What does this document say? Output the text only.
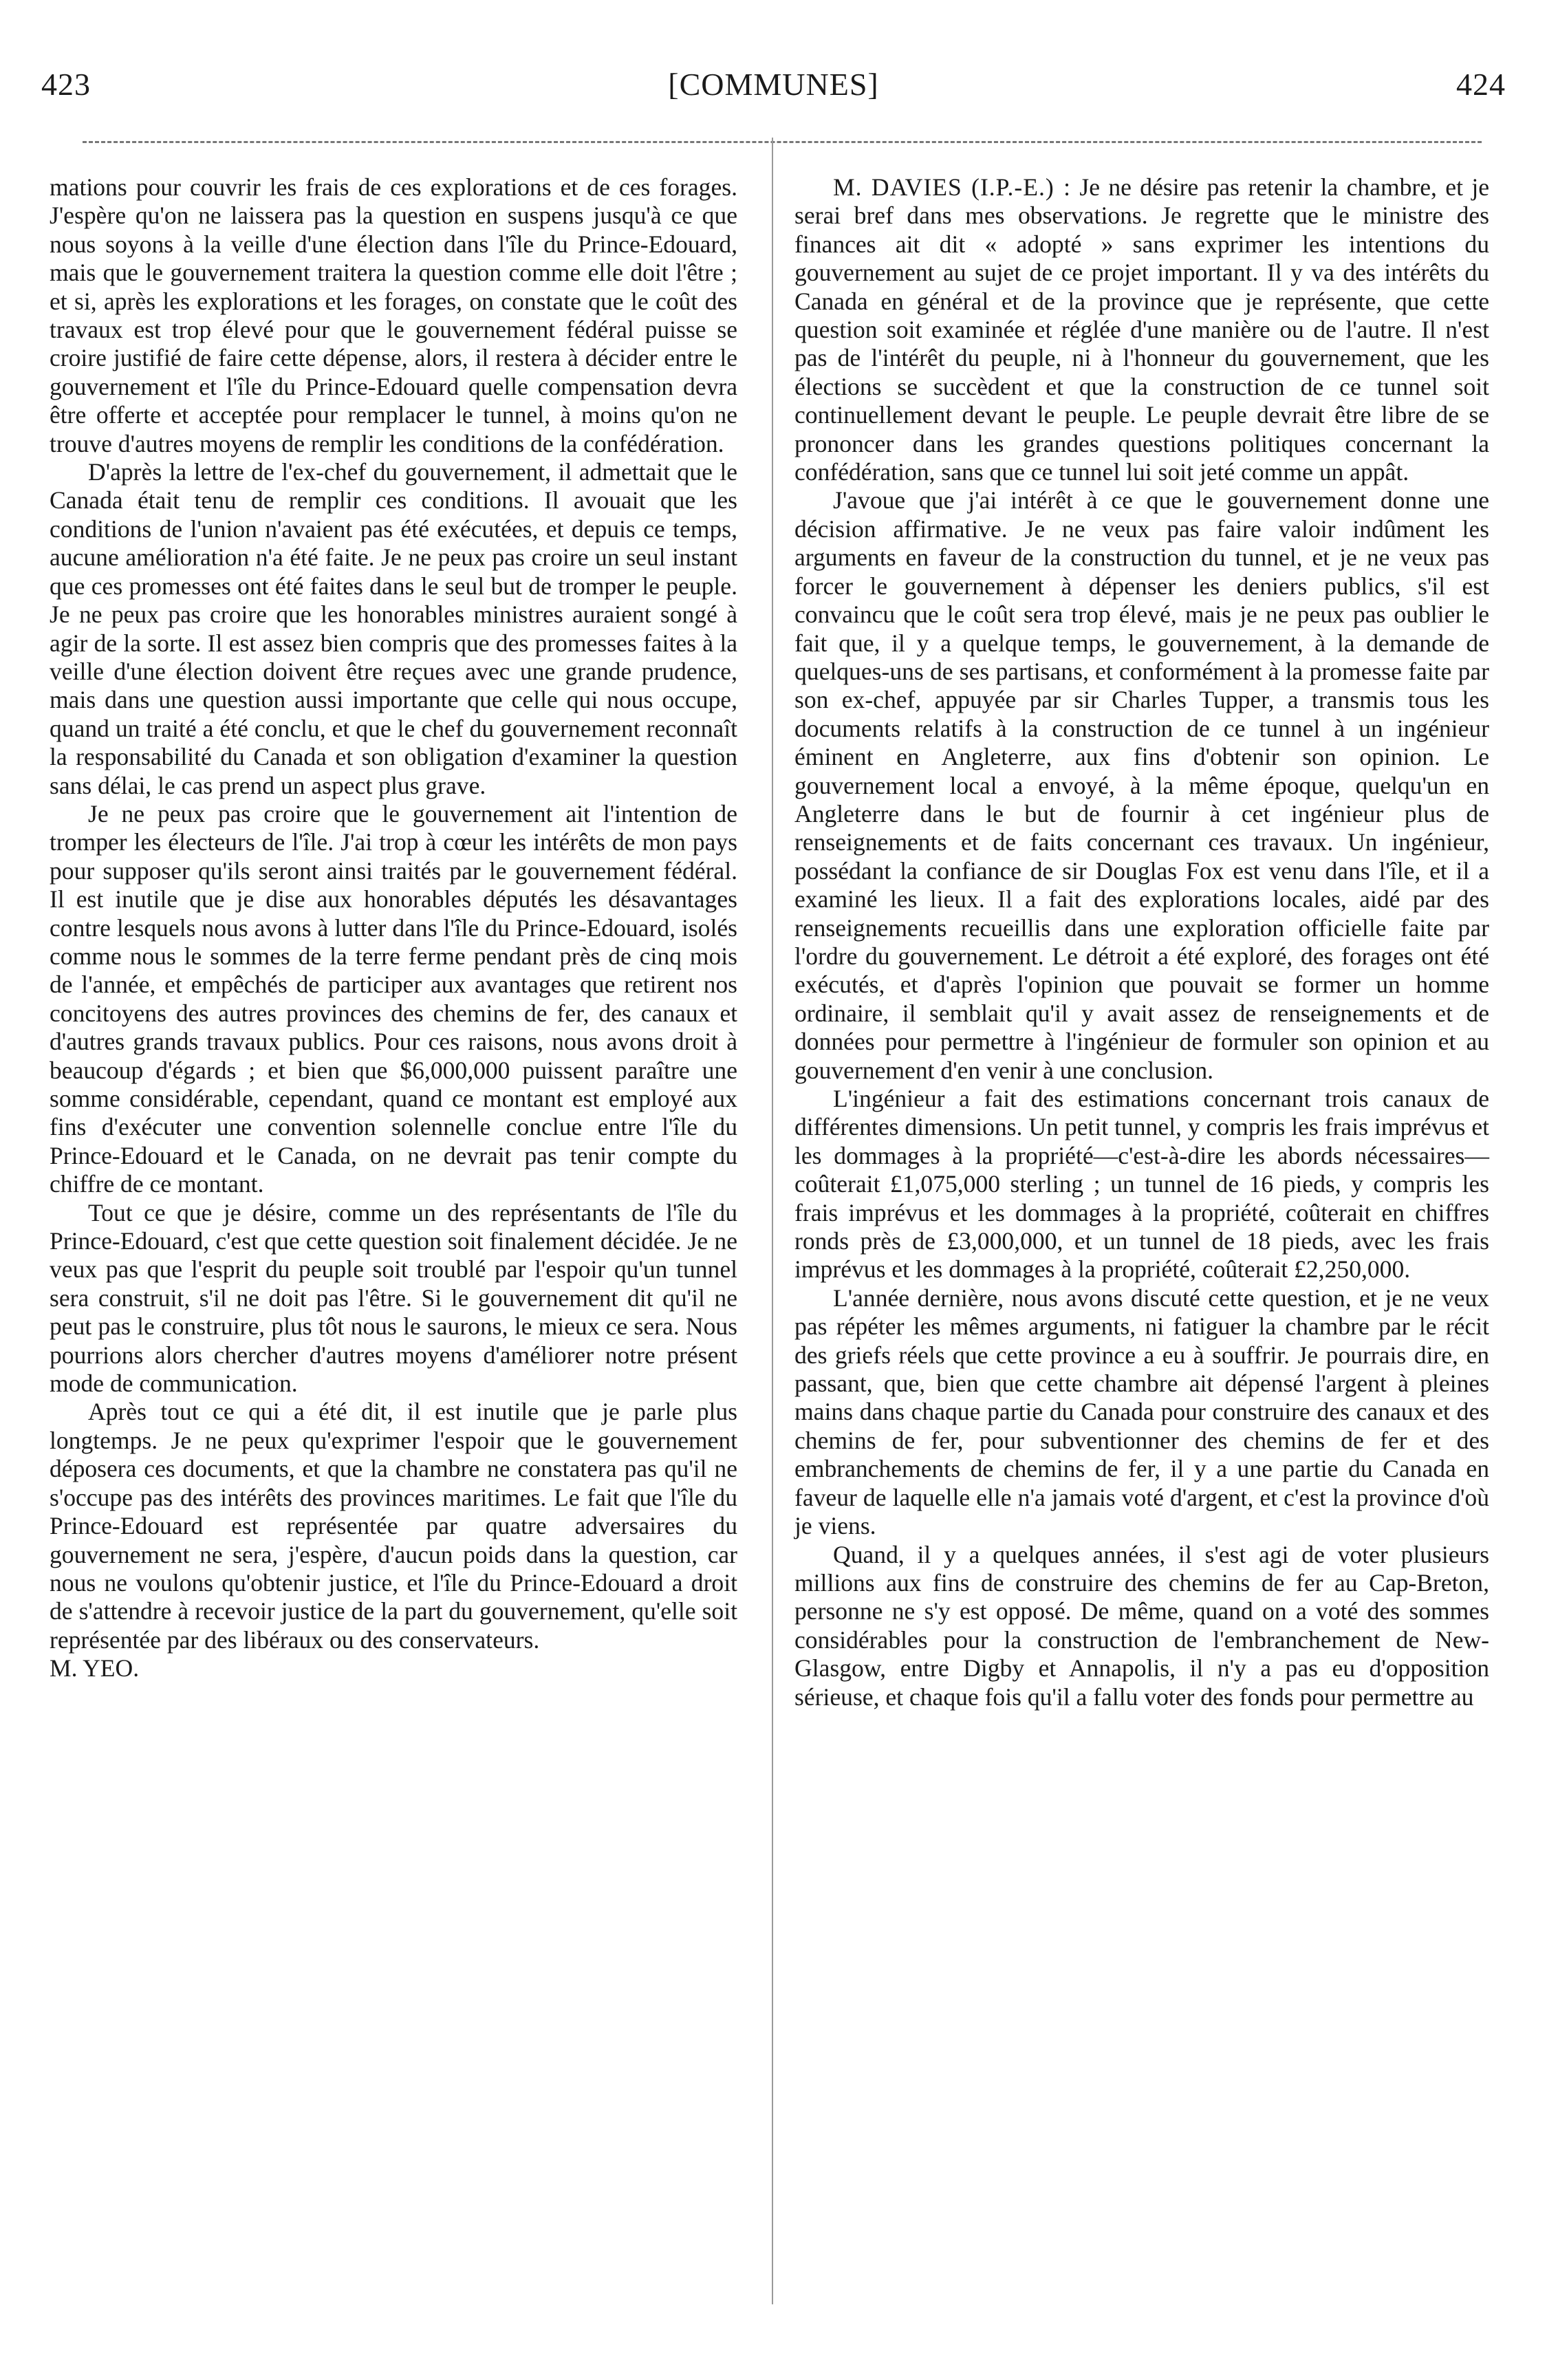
423	[COMMUNES]	424

mations pour couvrir les frais de ces explorations et de ces forages. J'espère qu'on ne laissera pas la question en suspens jusqu'à ce que nous soyons à la veille d'une élection dans l'île du Prince-Edouard, mais que le gouvernement traitera la question comme elle doit l'être ; et si, après les explorations et les forages, on constate que le coût des travaux est trop élevé pour que le gouvernement fédéral puisse se croire justifié de faire cette dépense, alors, il restera à décider entre le gouvernement et l'île du Prince-Edouard quelle compensation devra être offerte et acceptée pour remplacer le tunnel, à moins qu'on ne trouve d'autres moyens de remplir les conditions de la confédération.

D'après la lettre de l'ex-chef du gouvernement, il admettait que le Canada était tenu de remplir ces conditions. Il avouait que les conditions de l'union n'avaient pas été exécutées, et depuis ce temps, aucune amélioration n'a été faite. Je ne peux pas croire un seul instant que ces promesses ont été faites dans le seul but de tromper le peuple. Je ne peux pas croire que les honorables ministres auraient songé à agir de la sorte. Il est assez bien compris que des promesses faites à la veille d'une élection doivent être reçues avec une grande prudence, mais dans une question aussi importante que celle qui nous occupe, quand un traité a été conclu, et que le chef du gouvernement reconnaît la responsabilité du Canada et son obligation d'examiner la question sans délai, le cas prend un aspect plus grave.

Je ne peux pas croire que le gouvernement ait l'intention de tromper les électeurs de l'île. J'ai trop à cœur les intérêts de mon pays pour supposer qu'ils seront ainsi traités par le gouvernement fédéral. Il est inutile que je dise aux honorables députés les désavantages contre lesquels nous avons à lutter dans l'île du Prince-Edouard, isolés comme nous le sommes de la terre ferme pendant près de cinq mois de l'année, et empêchés de participer aux avantages que retirent nos concitoyens des autres provinces des chemins de fer, des canaux et d'autres grands travaux publics. Pour ces raisons, nous avons droit à beaucoup d'égards ; et bien que $6,000,000 puissent paraître une somme considérable, cependant, quand ce montant est employé aux fins d'exécuter une convention solennelle conclue entre l'île du Prince-Edouard et le Canada, on ne devrait pas tenir compte du chiffre de ce montant.

Tout ce que je désire, comme un des représentants de l'île du Prince-Edouard, c'est que cette question soit finalement décidée. Je ne veux pas que l'esprit du peuple soit troublé par l'espoir qu'un tunnel sera construit, s'il ne doit pas l'être. Si le gouvernement dit qu'il ne peut pas le construire, plus tôt nous le saurons, le mieux ce sera. Nous pourrions alors chercher d'autres moyens d'améliorer notre présent mode de communication.

Après tout ce qui a été dit, il est inutile que je parle plus longtemps. Je ne peux qu'exprimer l'espoir que le gouvernement déposera ces documents, et que la chambre ne constatera pas qu'il ne s'occupe pas des intérêts des provinces maritimes. Le fait que l'île du Prince-Edouard est représentée par quatre adversaires du gouvernement ne sera, j'espère, d'aucun poids dans la question, car nous ne voulons qu'obtenir justice, et l'île du Prince-Edouard a droit de s'attendre à recevoir justice de la part du gouvernement, qu'elle soit représentée par des libéraux ou des conservateurs.

M. YEO.

M. DAVIES (I.P.-E.) : Je ne désire pas retenir la chambre, et je serai bref dans mes observations. Je regrette que le ministre des finances ait dit « adopté » sans exprimer les intentions du gouvernement au sujet de ce projet important. Il y va des intérêts du Canada en général et de la province que je représente, que cette question soit examinée et réglée d'une manière ou de l'autre. Il n'est pas de l'intérêt du peuple, ni à l'honneur du gouvernement, que les élections se succèdent et que la construction de ce tunnel soit continuellement devant le peuple. Le peuple devrait être libre de se prononcer dans les grandes questions politiques concernant la confédération, sans que ce tunnel lui soit jeté comme un appât.

J'avoue que j'ai intérêt à ce que le gouvernement donne une décision affirmative. Je ne veux pas faire valoir indûment les arguments en faveur de la construction du tunnel, et je ne veux pas forcer le gouvernement à dépenser les deniers publics, s'il est convaincu que le coût sera trop élevé, mais je ne peux pas oublier le fait que, il y a quelque temps, le gouvernement, à la demande de quelques-uns de ses partisans, et conformément à la promesse faite par son ex-chef, appuyée par sir Charles Tupper, a transmis tous les documents relatifs à la construction de ce tunnel à un ingénieur éminent en Angleterre, aux fins d'obtenir son opinion. Le gouvernement local a envoyé, à la même époque, quelqu'un en Angleterre dans le but de fournir à cet ingénieur plus de renseignements et de faits concernant ces travaux. Un ingénieur, possédant la confiance de sir Douglas Fox est venu dans l'île, et il a examiné les lieux. Il a fait des explorations locales, aidé par des renseignements recueillis dans une exploration officielle faite par l'ordre du gouvernement. Le détroit a été exploré, des forages ont été exécutés, et d'après l'opinion que pouvait se former un homme ordinaire, il semblait qu'il y avait assez de renseignements et de données pour permettre à l'ingénieur de formuler son opinion et au gouvernement d'en venir à une conclusion.

L'ingénieur a fait des estimations concernant trois canaux de différentes dimensions. Un petit tunnel, y compris les frais imprévus et les dommages à la propriété—c'est-à-dire les abords nécessaires—coûterait £1,075,000 sterling ; un tunnel de 16 pieds, y compris les frais imprévus et les dommages à la propriété, coûterait en chiffres ronds près de £3,000,000, et un tunnel de 18 pieds, avec les frais imprévus et les dommages à la propriété, coûterait £2,250,000.

L'année dernière, nous avons discuté cette question, et je ne veux pas répéter les mêmes arguments, ni fatiguer la chambre par le récit des griefs réels que cette province a eu à souffrir. Je pourrais dire, en passant, que, bien que cette chambre ait dépensé l'argent à pleines mains dans chaque partie du Canada pour construire des canaux et des chemins de fer, pour subventionner des chemins de fer et des embranchements de chemins de fer, il y a une partie du Canada en faveur de laquelle elle n'a jamais voté d'argent, et c'est la province d'où je viens.

Quand, il y a quelques années, il s'est agi de voter plusieurs millions aux fins de construire des chemins de fer au Cap-Breton, personne ne s'y est opposé. De même, quand on a voté des sommes considérables pour la construction de l'embranchement de New-Glasgow, entre Digby et Annapolis, il n'y a pas eu d'opposition sérieuse, et chaque fois qu'il a fallu voter des fonds pour permettre au
